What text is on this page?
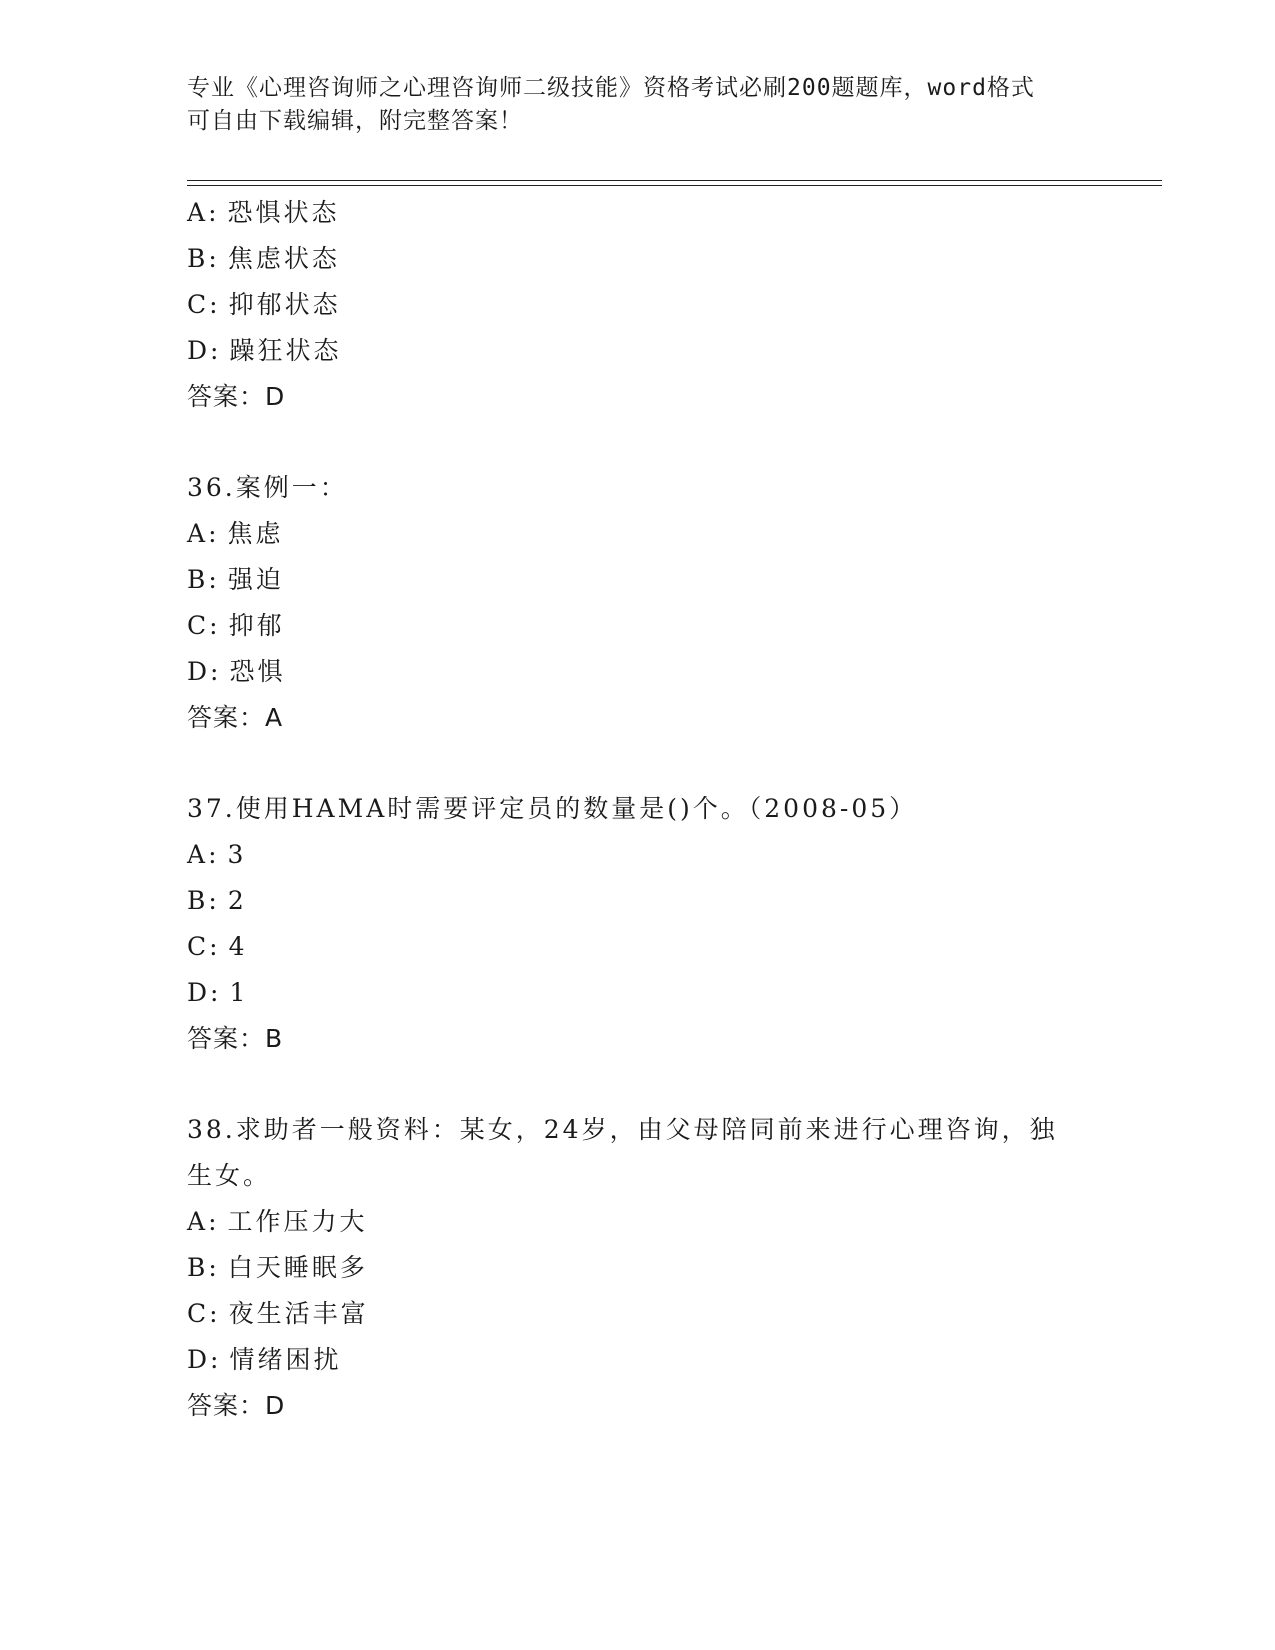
专业《心理咨询师之心理咨询师二级技能》资格考试必刷200题题库，word格式
可自由下载编辑，附完整答案！
A: 恐惧状态
B: 焦虑状态
C: 抑郁状态
D: 躁狂状态
答案：D
36.案例一：
A: 焦虑
B: 强迫
C: 抑郁
D: 恐惧
答案：A
37.使用HAMA时需要评定员的数量是()个。（2008-05）
A: 3
B: 2
C: 4
D: 1
答案：B
38.求助者一般资料：某女，24岁，由父母陪同前来进行心理咨询，独
生女。
A: 工作压力大
B: 白天睡眠多
C: 夜生活丰富
D: 情绪困扰
答案：D
